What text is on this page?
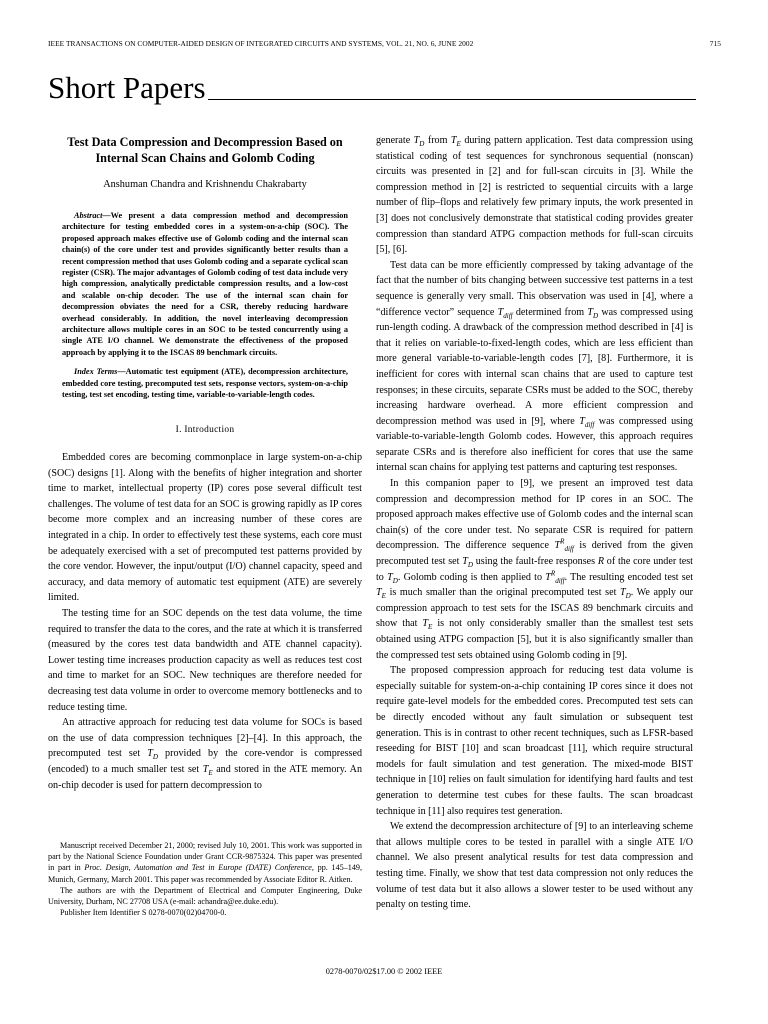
IEEE TRANSACTIONS ON COMPUTER-AIDED DESIGN OF INTEGRATED CIRCUITS AND SYSTEMS, VOL. 21, NO. 6, JUNE 2002	715
Short Papers
Test Data Compression and Decompression Based on Internal Scan Chains and Golomb Coding
Anshuman Chandra and Krishnendu Chakrabarty
Abstract—We present a data compression method and decompression architecture for testing embedded cores in a system-on-a-chip (SOC). The proposed approach makes effective use of Golomb coding and the internal scan chain(s) of the core under test and provides significantly better results than a recent compression method that uses Golomb coding and a separate cyclical scan register (CSR). The major advantages of Golomb coding of test data include very high compression, analytically predictable compression results, and a low-cost and scalable on-chip decoder. The use of the internal scan chain for decompression obviates the need for a CSR, thereby reducing hardware overhead considerably. In addition, the novel interleaving decompression architecture allows multiple cores in an SOC to be tested concurrently using a single ATE I/O channel. We demonstrate the effectiveness of the proposed approach by applying it to the ISCAS 89 benchmark circuits.
Index Terms—Automatic test equipment (ATE), decompression architecture, embedded core testing, precomputed test sets, response vectors, system-on-a-chip testing, test set encoding, testing time, variable-to-variable-length codes.
I. Introduction

Embedded cores are becoming commonplace in large system-on-a-chip (SOC) designs [1]. Along with the benefits of higher integration and shorter time to market, intellectual property (IP) cores pose several difficult test challenges. The volume of test data for an SOC is growing rapidly as IP cores become more complex and an increasing number of these cores are integrated in a chip. In order to effectively test these systems, each core must be adequately exercised with a set of precomputed test patterns provided by the core vendor. However, the input/output (I/O) channel capacity, speed and accuracy, and data memory of automatic test equipment (ATE) are severely limited.

The testing time for an SOC depends on the test data volume, the time required to transfer the data to the cores, and the rate at which it is transferred (measured by the cores test data bandwidth and ATE channel capacity). Lower testing time increases production capacity as well as reduces test cost and time to market for an SOC. New techniques are therefore needed for decreasing test data volume in order to overcome memory bottlenecks and to reduce testing time.

An attractive approach for reducing test data volume for SOCs is based on the use of data compression techniques [2]–[4]. In this approach, the precomputed test set $T_D$ provided by the core-vendor is compressed (encoded) to a much smaller test set $T_E$ and stored in the ATE memory. An on-chip decoder is used for pattern decompression to

Manuscript received December 21, 2000; revised July 10, 2001. This work was supported in part by the National Science Foundation under Grant CCR-9875324. This paper was presented in part in Proc. Design, Automation and Test in Europe (DATE) Conference, pp. 145–149, Munich, Germany, March 2001. This paper was recommended by Associate Editor R. Aitken.

The authors are with the Department of Electrical and Computer Engineering, Duke University, Durham, NC 27708 USA (e-mail: achandra@ee.duke.edu).

Publisher Item Identifier S 0278-0070(02)04700-0.

generate $T_D$ from $T_E$ during pattern application. Test data compression using statistical coding of test sequences for synchronous sequential (nonscan) circuits was presented in [2] and for full-scan circuits in [3]. While the compression method in [2] is restricted to sequential circuits with a large number of flip–flops and relatively few primary inputs, the work presented in [3] does not conclusively demonstrate that statistical coding provides greater compression than standard ATPG compaction methods for full-scan circuits [5], [6].

Test data can be more efficiently compressed by taking advantage of the fact that the number of bits changing between successive test patterns in a test sequence is generally very small. This observation was used in [4], where a “difference vector” sequence $T_{diff}$ determined from $T_D$ was compressed using run-length coding. A drawback of the compression method described in [4] is that it relies on variable-to-fixed-length codes, which are less efficient than more general variable-to-variable-length codes [7], [8]. Furthermore, it is inefficient for cores with internal scan chains that are used to capture test responses; in these circuits, separate CSRs must be added to the SOC, thereby increasing hardware overhead. A more efficient compression and decompression method was used in [9], where $T_{diff}$ was compressed using variable-to-variable-length Golomb codes. However, this approach requires separate CSRs and is therefore also inefficient for cores that use the same internal scan chains for applying test patterns and capturing test responses.

In this companion paper to [9], we present an improved test data compression and decompression method for IP cores in an SOC. The proposed approach makes effective use of Golomb codes and the internal scan chain(s) of the core under test. No separate CSR is required for pattern decompression. The difference sequence $T^R_{diff}$ is derived from the given precomputed test set $T_D$ using the fault-free responses R of the core under test to $T_D$. Golomb coding is then applied to $T^R_{diff}$. The resulting encoded test set $T_E$ is much smaller than the original precomputed test set $T_D$. We apply our compression approach to test sets for the ISCAS 89 benchmark circuits and show that $T_E$ is not only considerably smaller than the smallest test sets obtained using ATPG compaction [5], but it is also significantly smaller than the compressed test sets obtained using Golomb coding in [9].

The proposed compression approach for reducing test data volume is especially suitable for system-on-a-chip containing IP cores since it does not require gate-level models for the embedded cores. Precomputed test sets can be directly encoded without any fault simulation or subsequent test generation. This is in contrast to other recent techniques, such as LFSR-based reseeding for BIST [10] and scan broadcast [11], which require structural models for fault simulation and test generation. The mixed-mode BIST technique in [10] relies on fault simulation for identifying hard faults and test generation to determine test cubes for these faults. The scan broadcast technique in [11] also requires test generation.

We extend the decompression architecture of [9] to an interleaving scheme that allows multiple cores to be tested in parallel with a single ATE I/O channel. We also present analytical results for test data compression and testing time. Finally, we show that test data compression not only reduces the volume of test data but it also allows a slower tester to be used without any penalty on testing time.

0278-0070/02$17.00 © 2002 IEEE
